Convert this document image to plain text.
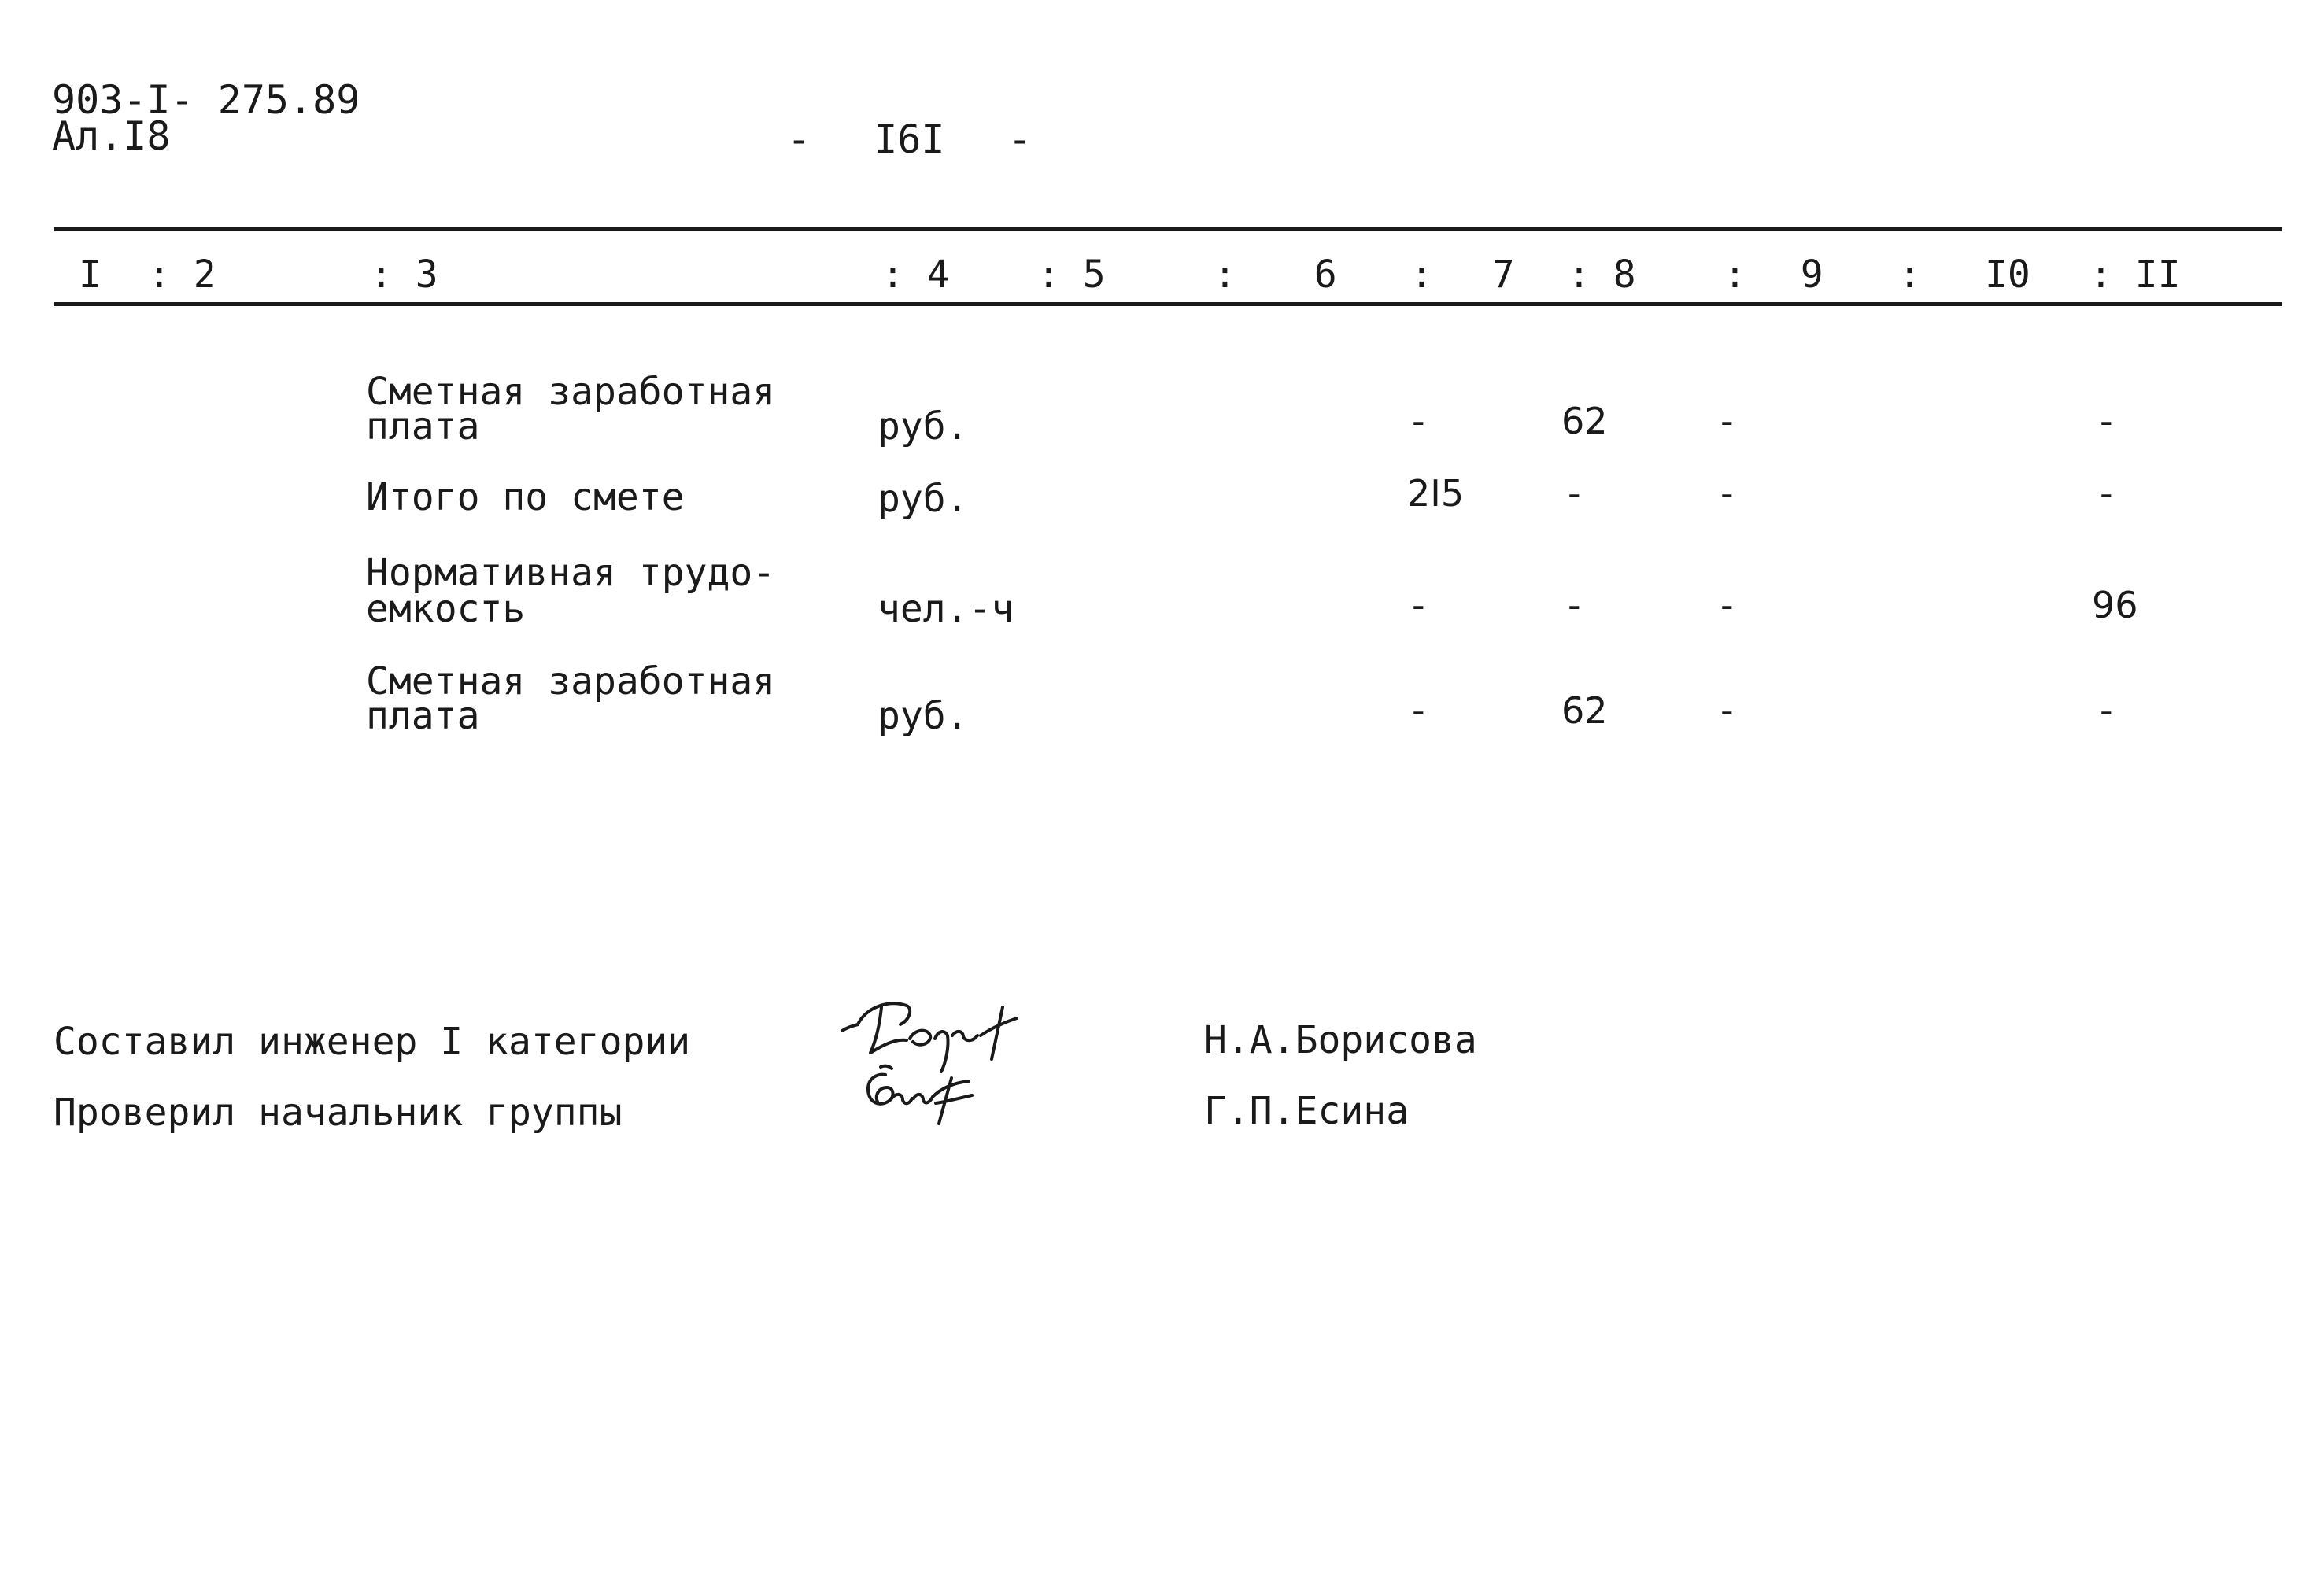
903-I- 275.89
Ал.I8	- I6I -
I : 2	: 3	: 4 : 5	: 6 : 7 : 8 : 9 : I0 : II
Сметная заработная
плата	руб.	-	62	-	-
Итого по смете	руб.	2I5	-	-	-
Нормативная трудо-
емкость	чел.-ч	-	-	-	96
Сметная заработная
плата	руб.	-	62	-	-
Составил инженер I категории	Н.А.Борисова
Проверил начальник группы	Г.П.Есина
